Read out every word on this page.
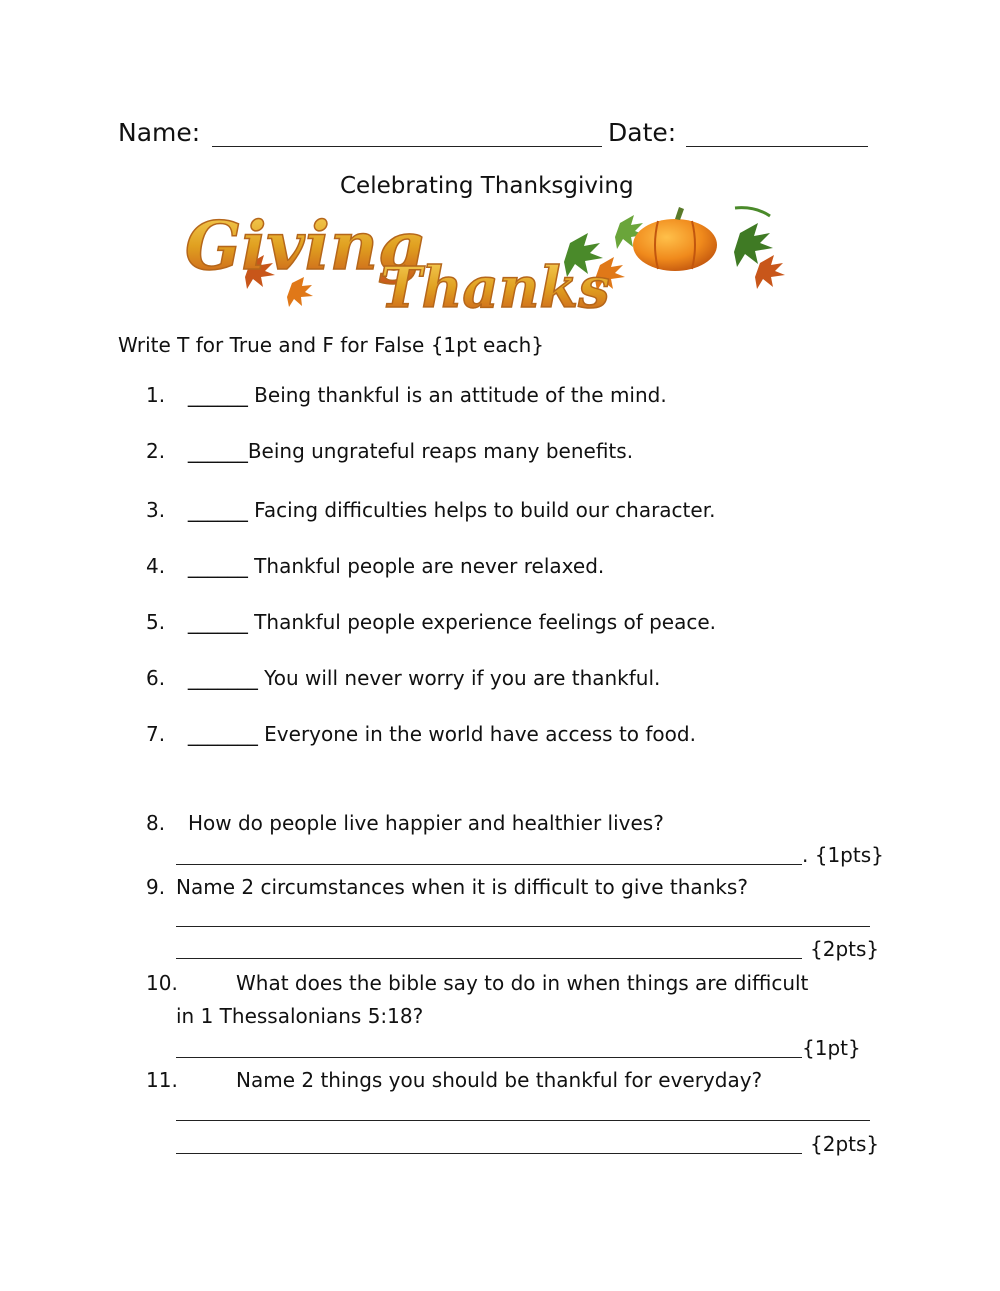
Name:	Date:
Celebrating Thanksgiving
Giving
Thanks
Write T for True and F for False {1pt each}
1. ______ Being thankful is an attitude of the mind.
2. ______Being ungrateful reaps many benefits.
3. ______ Facing difficulties helps to build our character.
4. ______ Thankful people are never relaxed.
5. ______ Thankful people experience feelings of peace.
6. _______ You will never worry if you are thankful.
7. _______ Everyone in the world have access to food.
8. How do people live happier and healthier lives?
. {1pts}
9. Name 2 circumstances when it is difficult to give thanks?
{2pts}
10.	What does the bible say to do in when things are difficult
in 1 Thessalonians 5:18?
{1pt}
11.	Name 2 things you should be thankful for everyday?
{2pts}
